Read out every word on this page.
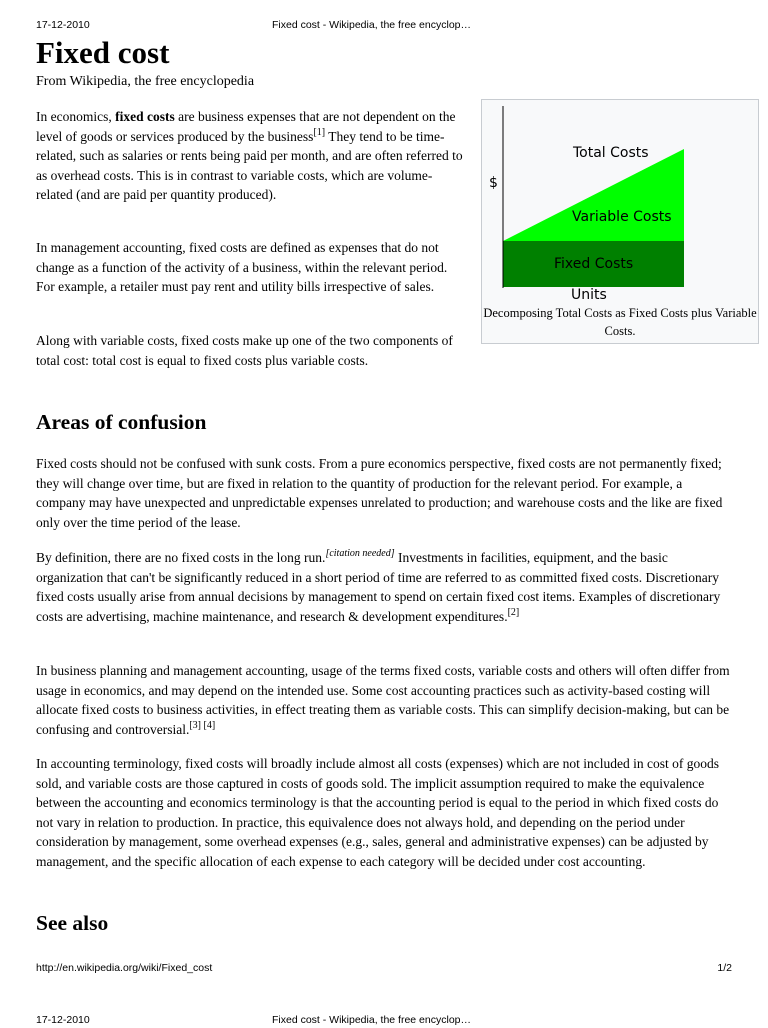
17-12-2010	Fixed cost - Wikipedia, the free encyclop…
Fixed cost
From Wikipedia, the free encyclopedia

In economics, fixed costs are business expenses that are not dependent on the level of goods or services produced by the business[1] They tend to be time-related, such as salaries or rents being paid per month, and are often referred to as overhead costs. This is in contrast to variable costs, which are volume-related (and are paid per quantity produced).

In management accounting, fixed costs are defined as expenses that do not change as a function of the activity of a business, within the relevant period. For example, a retailer must pay rent and utility bills irrespective of sales.

Along with variable costs, fixed costs make up one of the two components of total cost: total cost is equal to fixed costs plus variable costs.

$
Total Costs
Variable Costs
Fixed Costs
Units
Decomposing Total Costs as Fixed Costs plus Variable Costs.
Areas of confusion

Fixed costs should not be confused with sunk costs. From a pure economics perspective, fixed costs are not permanently fixed; they will change over time, but are fixed in relation to the quantity of production for the relevant period. For example, a company may have unexpected and unpredictable expenses unrelated to production; and warehouse costs and the like are fixed only over the time period of the lease.

By definition, there are no fixed costs in the long run.[citation needed] Investments in facilities, equipment, and the basic organization that can't be significantly reduced in a short period of time are referred to as committed fixed costs. Discretionary fixed costs usually arise from annual decisions by management to spend on certain fixed cost items. Examples of discretionary costs are advertising, machine maintenance, and research & development expenditures.[2]

In business planning and management accounting, usage of the terms fixed costs, variable costs and others will often differ from usage in economics, and may depend on the intended use. Some cost accounting practices such as activity-based costing will allocate fixed costs to business activities, in effect treating them as variable costs. This can simplify decision-making, but can be confusing and controversial.[3] [4]

In accounting terminology, fixed costs will broadly include almost all costs (expenses) which are not included in cost of goods sold, and variable costs are those captured in costs of goods sold. The implicit assumption required to make the equivalence between the accounting and economics terminology is that the accounting period is equal to the period in which fixed costs do not vary in relation to production. In practice, this equivalence does not always hold, and depending on the period under consideration by management, some overhead expenses (e.g., sales, general and administrative expenses) can be adjusted by management, and the specific allocation of each expense to each category will be decided under cost accounting.

See also
http://en.wikipedia.org/wiki/Fixed_cost	1/2
17-12-2010	Fixed cost - Wikipedia, the free encyclop…
